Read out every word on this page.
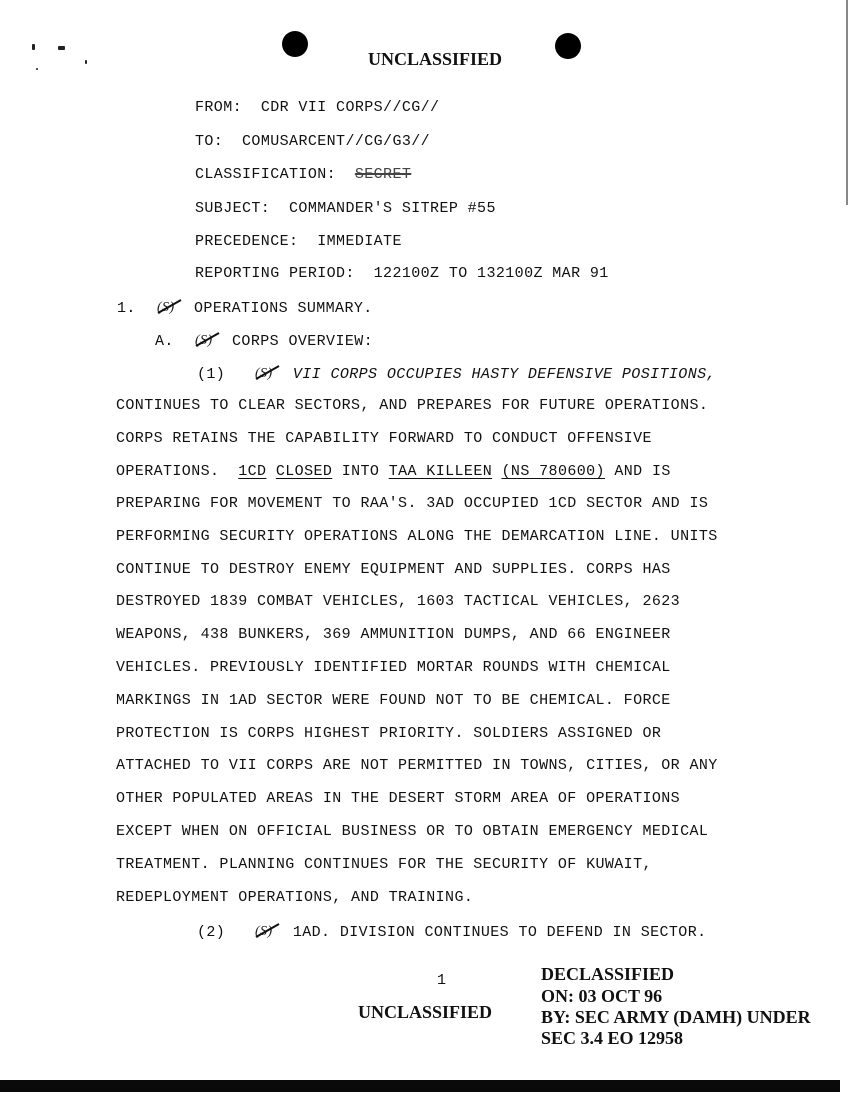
UNCLASSIFIED
FROM: CDR VII CORPS//CG//
TO: COMUSARCENT//CG/G3//
CLASSIFICATION: SECRET
SUBJECT: COMMANDER'S SITREP #55
PRECEDENCE: IMMEDIATE
REPORTING PERIOD: 122100Z TO 132100Z MAR 91
1. (S) OPERATIONS SUMMARY.
A. (S) CORPS OVERVIEW:
(1) (S) VII CORPS OCCUPIES HASTY DEFENSIVE POSITIONS,
CONTINUES TO CLEAR SECTORS, AND PREPARES FOR FUTURE OPERATIONS.
CORPS RETAINS THE CAPABILITY FORWARD TO CONDUCT OFFENSIVE
OPERATIONS. 1CD CLOSED INTO TAA KILLEEN (NS 780600) AND IS
PREPARING FOR MOVEMENT TO RAA'S. 3AD OCCUPIED 1CD SECTOR AND IS
PERFORMING SECURITY OPERATIONS ALONG THE DEMARCATION LINE. UNITS
CONTINUE TO DESTROY ENEMY EQUIPMENT AND SUPPLIES. CORPS HAS
DESTROYED 1839 COMBAT VEHICLES, 1603 TACTICAL VEHICLES, 2623
WEAPONS, 438 BUNKERS, 369 AMMUNITION DUMPS, AND 66 ENGINEER
VEHICLES. PREVIOUSLY IDENTIFIED MORTAR ROUNDS WITH CHEMICAL
MARKINGS IN 1AD SECTOR WERE FOUND NOT TO BE CHEMICAL. FORCE
PROTECTION IS CORPS HIGHEST PRIORITY. SOLDIERS ASSIGNED OR
ATTACHED TO VII CORPS ARE NOT PERMITTED IN TOWNS, CITIES, OR ANY
OTHER POPULATED AREAS IN THE DESERT STORM AREA OF OPERATIONS
EXCEPT WHEN ON OFFICIAL BUSINESS OR TO OBTAIN EMERGENCY MEDICAL
TREATMENT. PLANNING CONTINUES FOR THE SECURITY OF KUWAIT,
REDEPLOYMENT OPERATIONS, AND TRAINING.
(2) (S) 1AD. DIVISION CONTINUES TO DEFEND IN SECTOR.
1
UNCLASSIFIED
DECLASSIFIED
ON: 03 OCT 96
BY: SEC ARMY (DAMH) UNDER
SEC 3.4 EO 12958
